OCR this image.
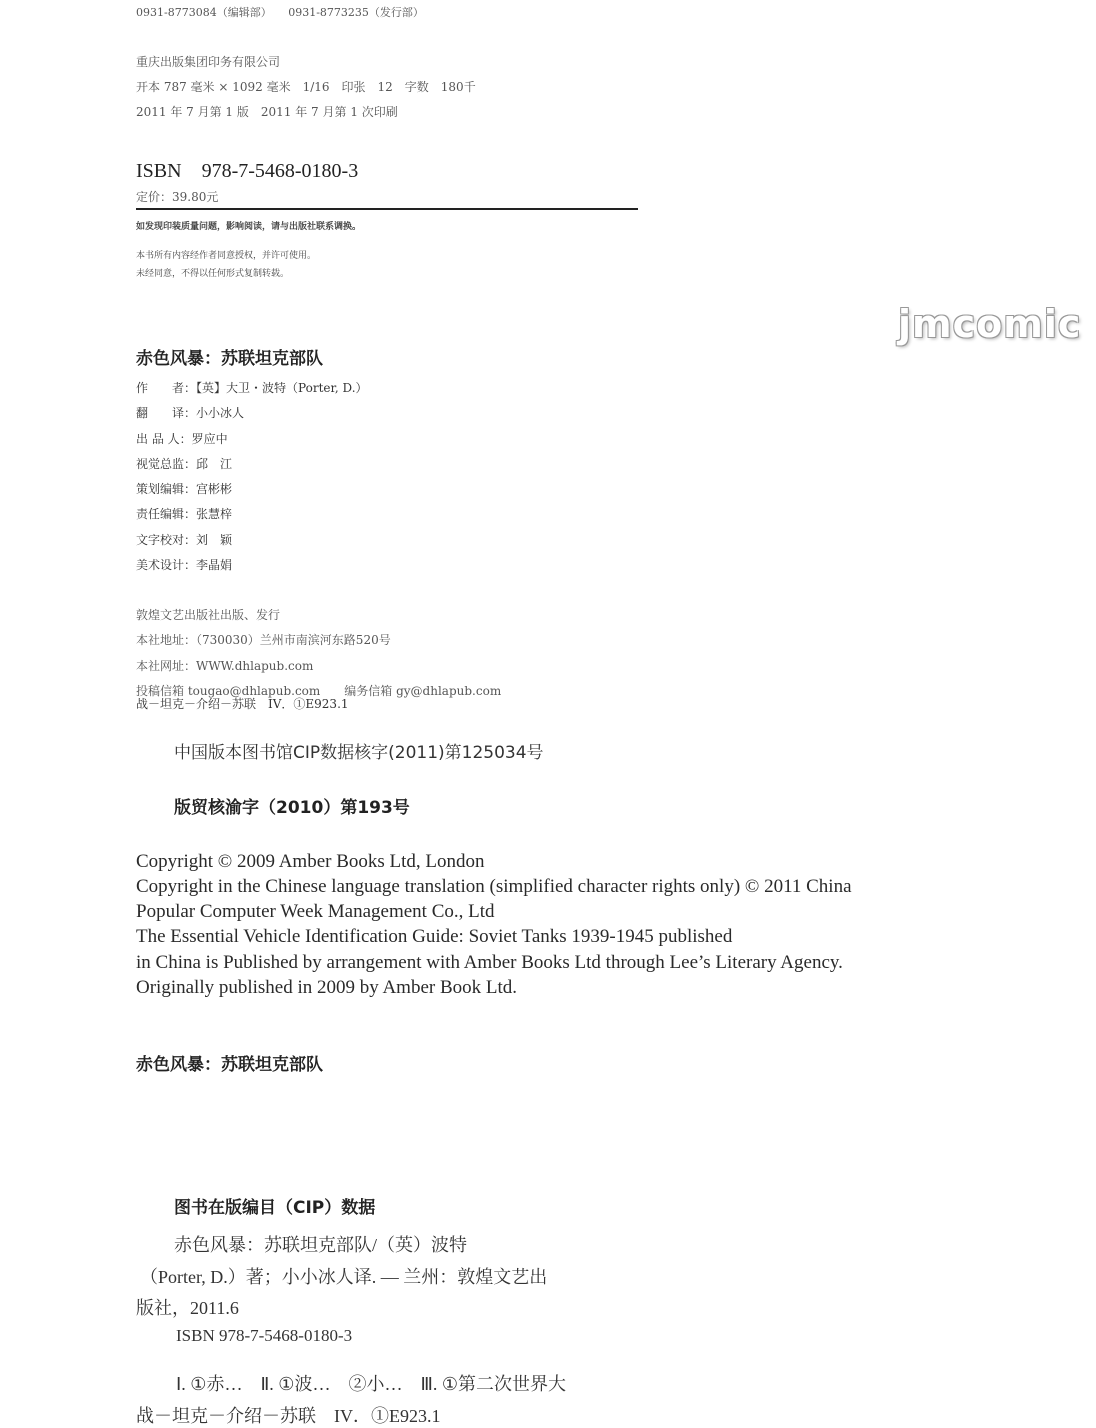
0931-8773084（编辑部）　　0931-8773235（发行部）
重庆出版集团印务有限公司
开本 787 毫米 × 1092 毫米　1/16　印张　12　字数　180千
2011 年 7 月第 1 版　2011 年 7 月第 1 次印刷
ISBN　978-7-5468-0180-3
定价：39.80元
如发现印装质量问题，影响阅读，请与出版社联系调换。
本书所有内容经作者同意授权，并许可使用。
未经同意，不得以任何形式复制转载。
jmcomic
赤色风暴：苏联坦克部队
作　　者：【英】大卫・波特（Porter, D.）
翻　　译：小小冰人
出 品 人：罗应中
视觉总监：邱　江
策划编辑：宫彬彬
责任编辑：张慧梓
文字校对：刘　颖
美术设计：李晶娟
敦煌文艺出版社出版、发行
本社地址：（730030）兰州市南滨河东路520号
本社网址：WWW.dhlapub.com
投稿信箱 tougao@dhlapub.com　　编务信箱 gy@dhlapub.com
战－坦克－介绍－苏联　IV．①E923.1
中国版本图书馆CIP数据核字(2011)第125034号
版贸核渝字（2010）第193号
Copyright © 2009 Amber Books Ltd, London
Copyright in the Chinese language translation (simplified character rights only) © 2011 China
Popular Computer Week Management Co., Ltd
The Essential Vehicle Identification Guide: Soviet Tanks 1939-1945 published
in China is Published by arrangement with Amber Books Ltd through Lee’s Literary Agency.
Originally published in 2009 by Amber Book Ltd.
赤色风暴：苏联坦克部队
图书在版编目（CIP）数据
赤色风暴：苏联坦克部队/（英）波特
（Porter, D.）著；小小冰人译. — 兰州：敦煌文艺出
版社，2011.6
ISBN 978-7-5468-0180-3
Ⅰ. ①赤…　Ⅱ. ①波…　②小…　Ⅲ. ①第二次世界大
战－坦克－介绍－苏联　IV．①E923.1
